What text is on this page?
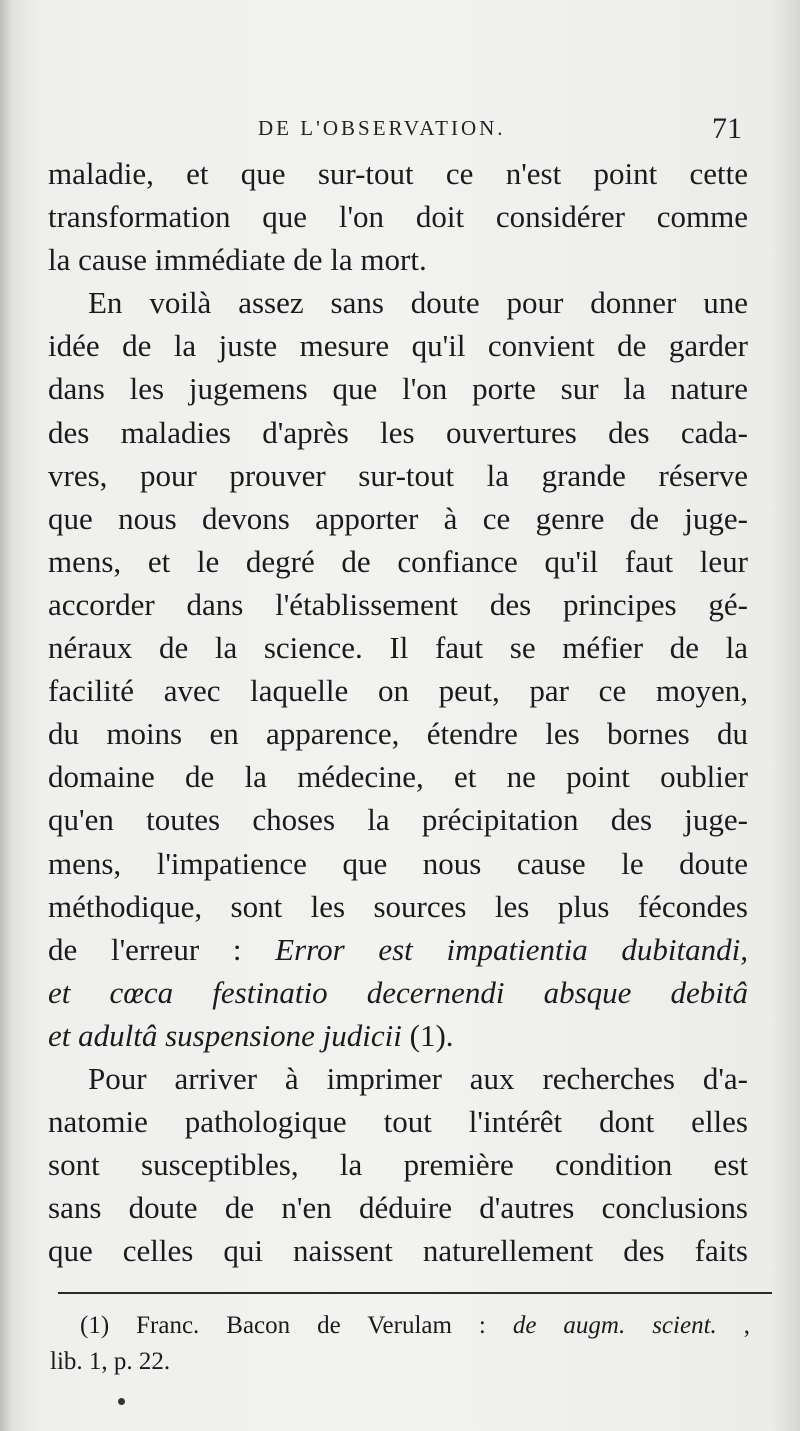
DE L'OBSERVATION.	71
maladie, et que sur-tout ce n'est point cette
transformation que l'on doit considérer comme
la cause immédiate de la mort.
En voilà assez sans doute pour donner une
idée de la juste mesure qu'il convient de garder
dans les jugemens que l'on porte sur la nature
des maladies d'après les ouvertures des cada-
vres, pour prouver sur-tout la grande réserve
que nous devons apporter à ce genre de juge-
mens, et le degré de confiance qu'il faut leur
accorder dans l'établissement des principes gé-
néraux de la science. Il faut se méfier de la
facilité avec laquelle on peut, par ce moyen,
du moins en apparence, étendre les bornes du
domaine de la médecine, et ne point oublier
qu'en toutes choses la précipitation des juge-
mens, l'impatience que nous cause le doute
méthodique, sont les sources les plus fécondes
de l'erreur : Error est impatientia dubitandi,
et cœca festinatio decernendi absque debitâ
et adultâ suspensione judicii (1).
Pour arriver à imprimer aux recherches d'a-
natomie pathologique tout l'intérêt dont elles
sont susceptibles, la première condition est
sans doute de n'en déduire d'autres conclusions
que celles qui naissent naturellement des faits
(1) Franc. Bacon de Verulam : de augm. scient. ,
lib. 1, p. 22.
